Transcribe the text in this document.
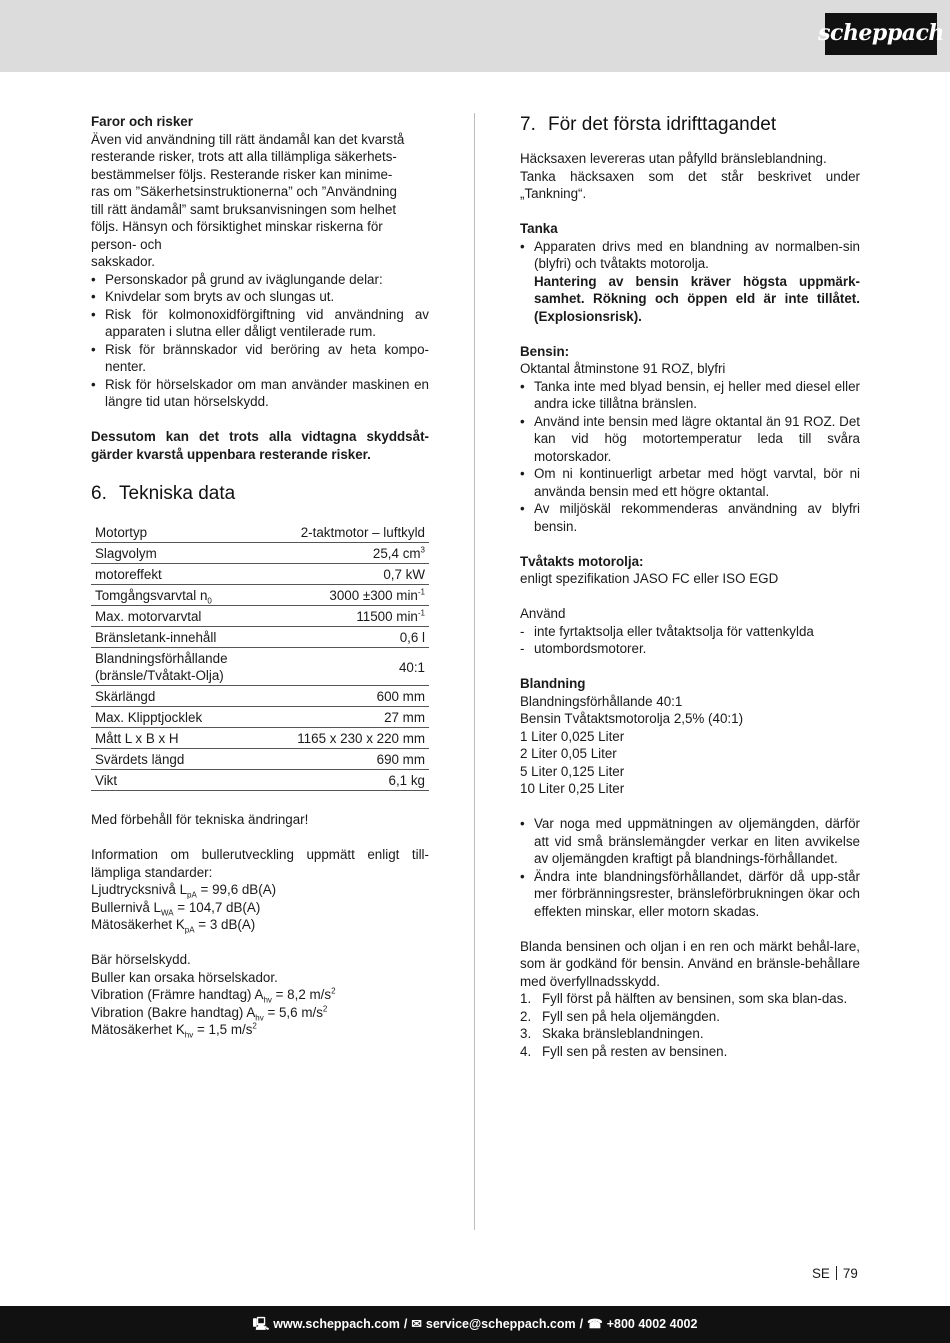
scheppach
Faror och risker
Även vid användning till rätt ändamål kan det kvarstå
resterande risker, trots att alla tillämpliga säkerhets-
bestämmelser följs. Resterande risker kan minime-
ras om ”Säkerhetsinstruktionerna” och ”Användning
till rätt ändamål” samt bruksanvisningen som helhet
följs. Hänsyn och försiktighet minskar riskerna för
person- och
sakskador.
• Personskador på grund av iväglungande delar:
• Knivdelar som bryts av och slungas ut.
• Risk för kolmonoxidförgiftning vid användning av apparaten i slutna eller dåligt ventilerade rum.
• Risk för brännskador vid beröring av heta kompo-nenter.
• Risk för hörselskador om man använder maskinen en längre tid utan hörselskydd.

Dessutom kan det trots alla vidtagna skyddsåt-gärder kvarstå uppenbara resterande risker.

6. Tekniska data
Motortyp	2-taktmotor – luftkyld
Slagvolym	25,4 $cm^3$
motoreffekt	0,7 kW
Tomgångsvarvtal $n_0$	3000 ±300 $\min^{-1}$
Max. motorvarvtal	11500 $\min^{-1}$
Bränsletank-innehåll	0,6 l
Blandningsförhållande
(bränsle/Tvåtakt-Olja)	40:1
Skärlängd	600 mm
Max. Klipptjocklek	27 mm
Mått L x B x H	1165 x 230 x 220 mm
Svärdets längd	690 mm
Vikt	6,1 kg

Med förbehåll för tekniska ändringar!

Information om bullerutveckling uppmätt enligt till-lämpliga standarder:

Ljudtrycksnivå $L_{pA} = 99,6$ dB(A)
Bullernivå $L_{WA} = 104,7$ dB(A)
Mätosäkerhet $K_{pA} = 3$ dB(A)
Bär hörselskydd.
Buller kan orsaka hörselskador.
Vibration (Främre handtag) $A_{hv} = 8,2$ $m/s^2$
Vibration (Bakre handtag) $A_{hv} = 5,6$ $m/s^2$
Mätosäkerhet $K_{hv} = 1,5$ $m/s^2$
7. För det första idrifttagandet
Häcksaxen levereras utan påfylld bränsleblandning.
Tanka häcksaxen som det står beskrivet under
„Tankning“.
Tanka
• Apparaten drivs med en blandning av normalben-sin (blyfri) och tvåtakts motorolja.
Hantering av bensin kräver högsta uppmärk-samhet. Rökning och öppen eld är inte tillåtet. (Explosionsrisk).
Bensin:
Oktantal åtminstone 91 ROZ, blyfri
• Tanka inte med blyad bensin, ej heller med diesel eller andra icke tillåtna bränslen.
• Använd inte bensin med lägre oktantal än 91 ROZ. Det kan vid hög motortemperatur leda till svåra motorskador.
• Om ni kontinuerligt arbetar med högt varvtal, bör ni använda bensin med ett högre oktantal.
• Av miljöskäl rekommenderas användning av blyfri bensin.
Tvåtakts motorolja:
enligt spezifikation JASO FC eller ISO EGD
Använd
- inte fyrtaktsolja eller tvåtaktsolja för vattenkylda
- utombordsmotorer.
Blandning
Blandningsförhållande 40:1
Bensin Tvåtaktsmotorolja 2,5% (40:1)
1 Liter 0,025 Liter
2 Liter 0,05 Liter
5 Liter 0,125 Liter
10 Liter 0,25 Liter
• Var noga med uppmätningen av oljemängden, därför att vid små bränslemängder verkar en liten avvikelse av oljemängden kraftigt på blandnings-förhållandet.
• Ändra inte blandningsförhållandet, därför då upp-står mer förbränningsrester, bränsleförbrukningen ökar och effekten minskar, eller motorn skadas.

Blanda bensinen och oljan i en ren och märkt behål-lare, som är godkänd för bensin. Använd en bränsle-behållare med överfyllnadsskydd.

1. Fyll först på hälften av bensinen, som ska blan-das.
2. Fyll sen på hela oljemängden.
3. Skaka bränsleblandningen.
4. Fyll sen på resten av bensinen.
SE 79
🖳 www.scheppach.com / ✉ service@scheppach.com / ☎ +800 4002 4002
